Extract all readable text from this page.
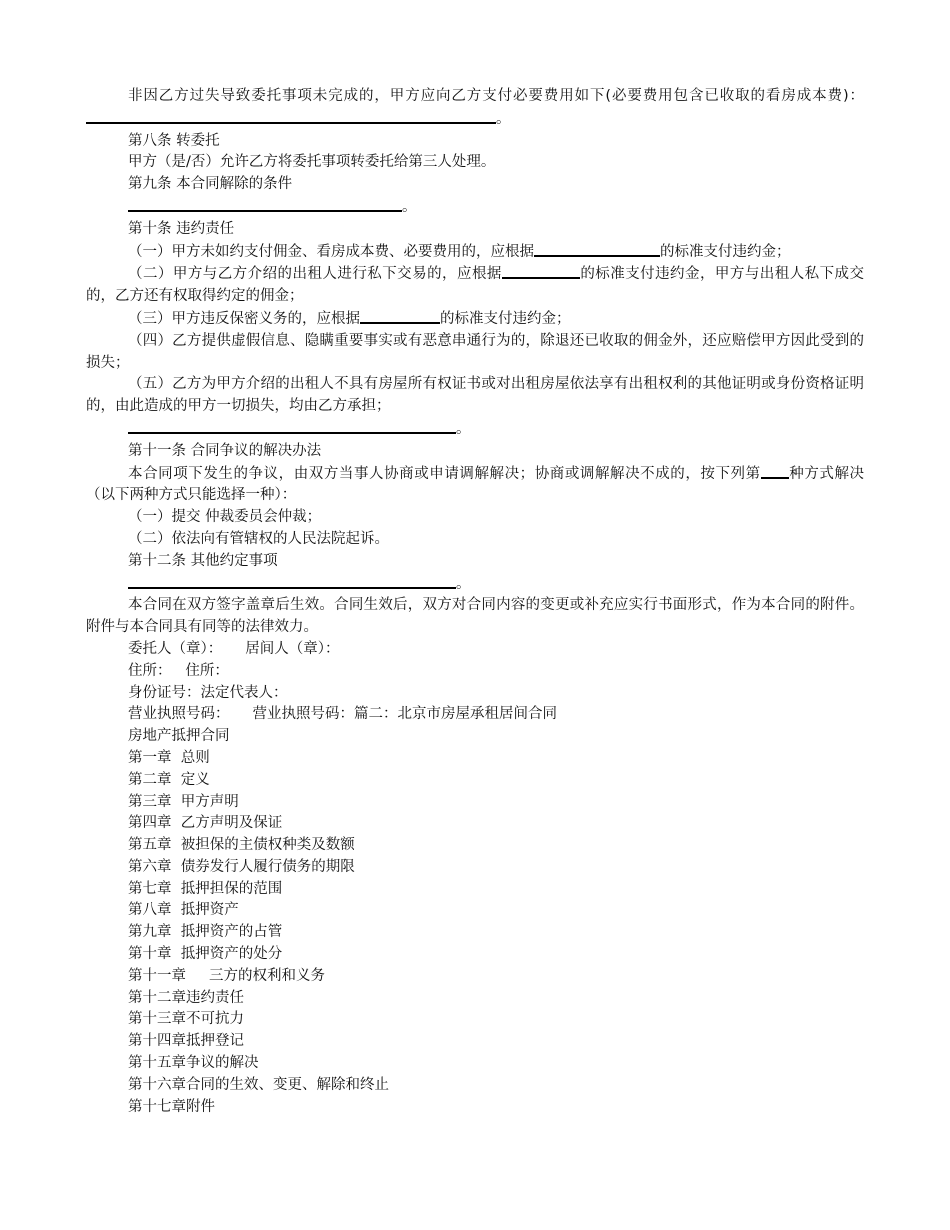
非因乙方过失导致委托事项未完成的，甲方应向乙方支付必要费用如下(必要费用包含已收取的看房成本费)：。

第八条 转委托

甲方（是/否）允许乙方将委托事项转委托给第三人处理。

第九条 本合同解除的条件

。

第十条 违约责任

（一）甲方未如约支付佣金、看房成本费、必要费用的，应根据	的标准支付违约金；

（二）甲方与乙方介绍的出租人进行私下交易的，应根据	的标准支付违约金，甲方与出租人私下成交的，乙方还有权取得约定的佣金；

（三）甲方违反保密义务的，应根据	的标准支付违约金；

（四）乙方提供虚假信息、隐瞒重要事实或有恶意串通行为的，除退还已收取的佣金外，还应赔偿甲方因此受到的损失；

（五）乙方为甲方介绍的出租人不具有房屋所有权证书或对出租房屋依法享有出租权利的其他证明或身份资格证明的，由此造成的甲方一切损失，均由乙方承担；

。

第十一条 合同争议的解决办法

本合同项下发生的争议，由双方当事人协商或申请调解解决；协商或调解解决不成的，按下列第 种方式解决（以下两种方式只能选择一种）：

（一）提交 仲裁委员会仲裁；

（二）依法向有管辖权的人民法院起诉。

第十二条 其他约定事项

。

本合同在双方签字盖章后生效。合同生效后，双方对合同内容的变更或补充应实行书面形式，作为本合同的附件。附件与本合同具有同等的法律效力。

委托人（章）：     居间人（章）：

住所：   住所：

身份证号：法定代表人：

营业执照号码：     营业执照号码：篇二：北京市房屋承租居间合同

房地产抵押合同

第一章  总则

第二章  定义

第三章  甲方声明

第四章  乙方声明及保证

第五章  被担保的主债权种类及数额

第六章  债券发行人履行债务的期限

第七章  抵押担保的范围

第八章  抵押资产

第九章  抵押资产的占管

第十章  抵押资产的处分

第十一章     三方的权利和义务

第十二章违约责任

第十三章不可抗力

第十四章抵押登记

第十五章争议的解决

第十六章合同的生效、变更、解除和终止

第十七章附件
